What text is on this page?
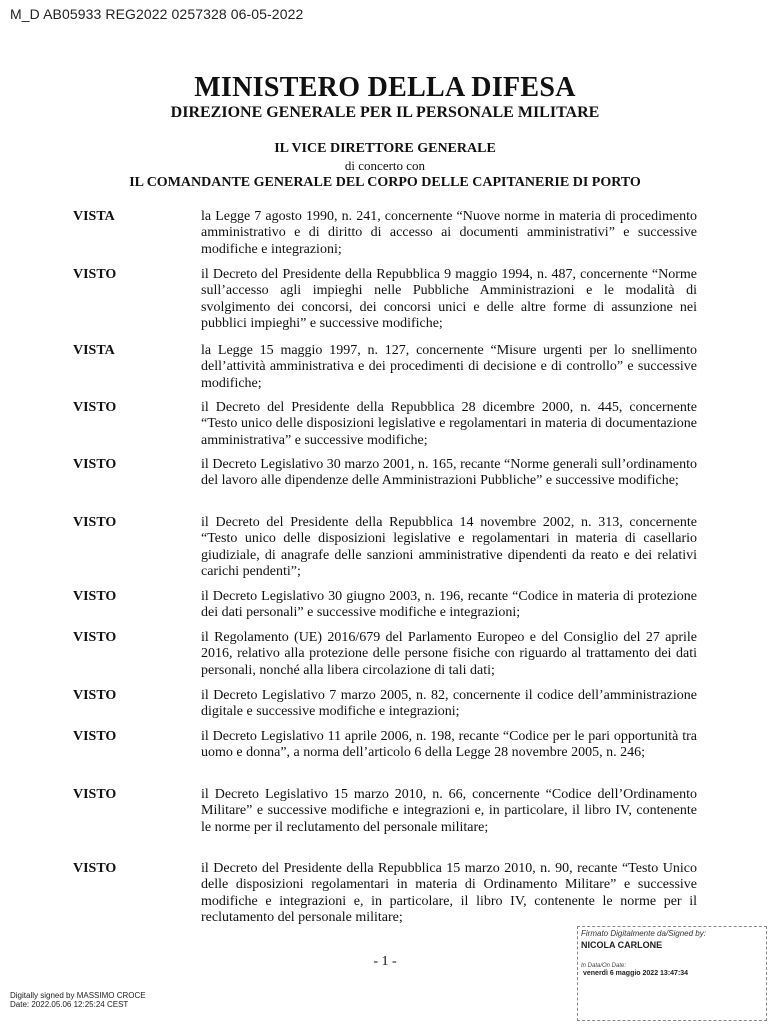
M_D AB05933 REG2022 0257328 06-05-2022
MINISTERO DELLA DIFESA
DIREZIONE GENERALE PER IL PERSONALE MILITARE
IL VICE DIRETTORE GENERALE
di concerto con
IL COMANDANTE GENERALE DEL CORPO DELLE CAPITANERIE DI PORTO
VISTA	la Legge 7 agosto 1990, n. 241, concernente “Nuove norme in materia di procedimento amministrativo e di diritto di accesso ai documenti amministrativi” e successive modifiche e integrazioni;
VISTO	il Decreto del Presidente della Repubblica 9 maggio 1994, n. 487, concernente “Norme sull’accesso agli impieghi nelle Pubbliche Amministrazioni e le modalità di svolgimento dei concorsi, dei concorsi unici e delle altre forme di assunzione nei pubblici impieghi” e successive modifiche;
VISTA	la Legge 15 maggio 1997, n. 127, concernente “Misure urgenti per lo snellimento dell’attività amministrativa e dei procedimenti di decisione e di controllo” e successive modifiche;
VISTO	il Decreto del Presidente della Repubblica 28 dicembre 2000, n. 445, concernente “Testo unico delle disposizioni legislative e regolamentari in materia di documentazione amministrativa” e successive modifiche;
VISTO	il Decreto Legislativo 30 marzo 2001, n. 165, recante “Norme generali sull’ordinamento del lavoro alle dipendenze delle Amministrazioni Pubbliche” e successive modifiche;
VISTO	il Decreto del Presidente della Repubblica 14 novembre 2002, n. 313, concernente “Testo unico delle disposizioni legislative e regolamentari in materia di casellario giudiziale, di anagrafe delle sanzioni amministrative dipendenti da reato e dei relativi carichi pendenti”;
VISTO	il Decreto Legislativo 30 giugno 2003, n. 196, recante “Codice in materia di protezione dei dati personali” e successive modifiche e integrazioni;
VISTO	il Regolamento (UE) 2016/679 del Parlamento Europeo e del Consiglio del 27 aprile 2016, relativo alla protezione delle persone fisiche con riguardo al trattamento dei dati personali, nonché alla libera circolazione di tali dati;
VISTO	il Decreto Legislativo 7 marzo 2005, n. 82, concernente il codice dell’amministrazione digitale e successive modifiche e integrazioni;
VISTO	il Decreto Legislativo 11 aprile 2006, n. 198, recante “Codice per le pari opportunità tra uomo e donna”, a norma dell’articolo 6 della Legge 28 novembre 2005, n. 246;
VISTO	il Decreto Legislativo 15 marzo 2010, n. 66, concernente “Codice dell’Ordinamento Militare” e successive modifiche e integrazioni e, in particolare, il libro IV, contenente le norme per il reclutamento del personale militare;
VISTO	il Decreto del Presidente della Repubblica 15 marzo 2010, n. 90, recante “Testo Unico delle disposizioni regolamentari in materia di Ordinamento Militare” e successive modifiche e integrazioni e, in particolare, il libro IV, contenente le norme per il reclutamento del personale militare;
- 1 -
Firmato Digitalmente da/Signed by:
NICOLA CARLONE
In Data/On Date:
venerdì 6 maggio 2022 13:47:34
Digitally signed by MASSIMO CROCE
Date: 2022.05.06 12:25:24 CEST
